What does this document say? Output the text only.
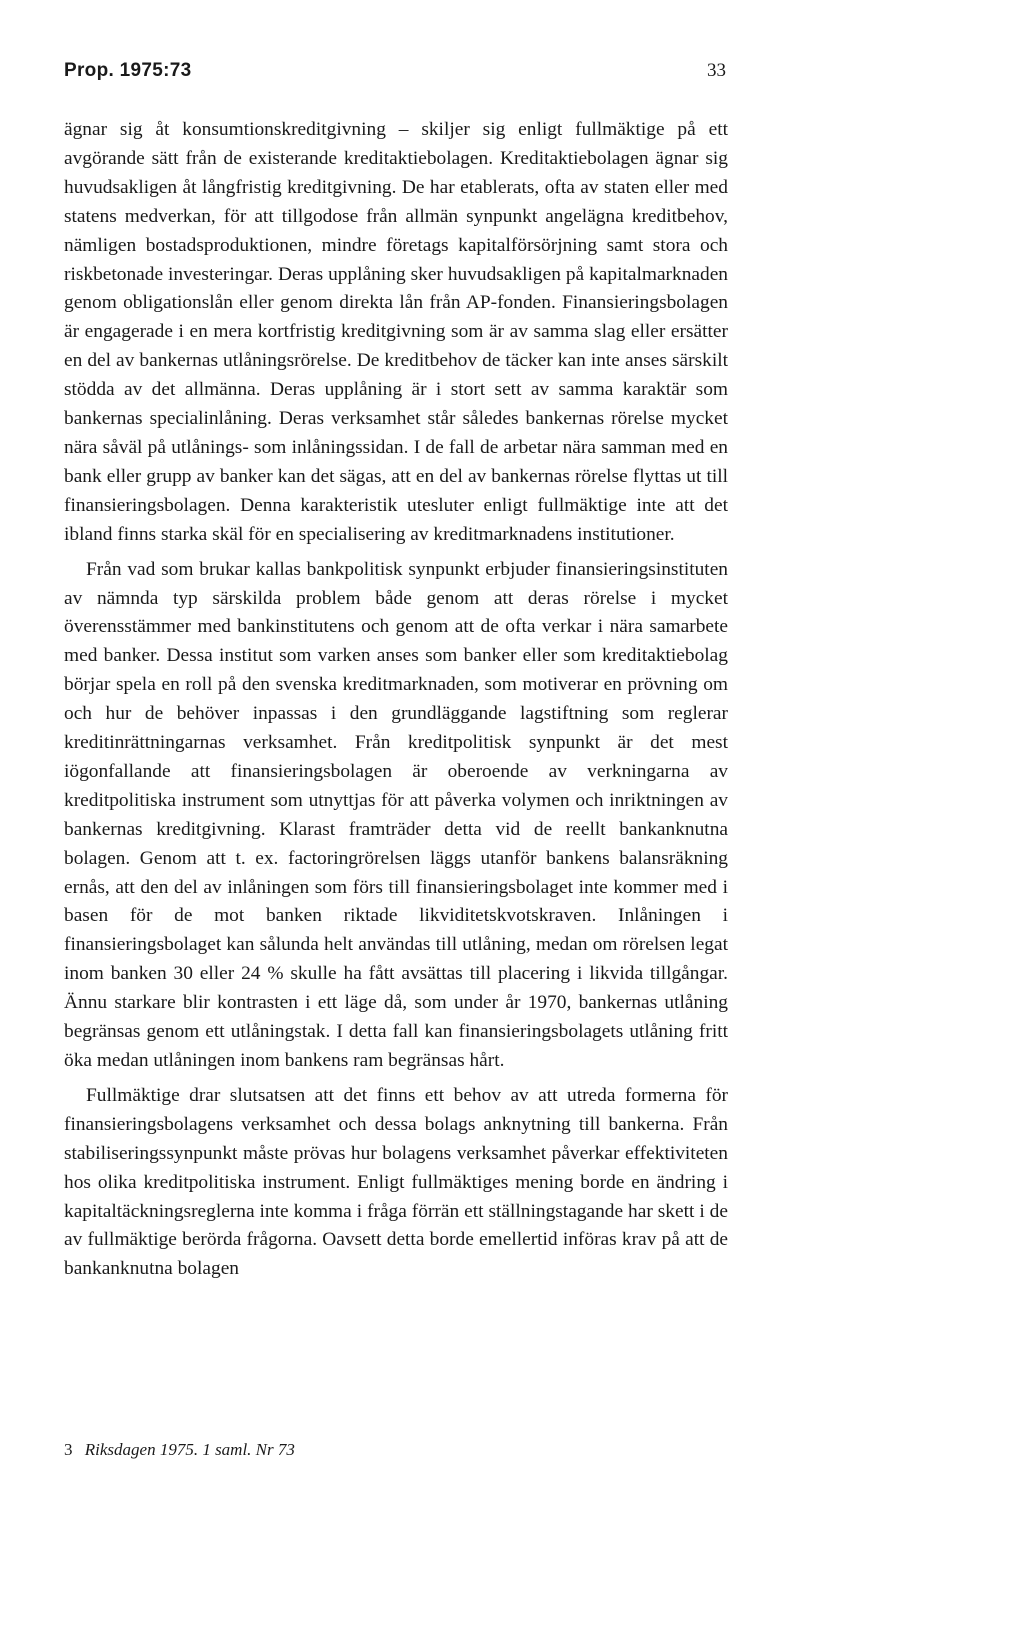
Prop. 1975:73	33

ägnar sig åt konsumtionskreditgivning – skiljer sig enligt fullmäktige på ett avgörande sätt från de existerande kreditaktiebolagen. Kreditaktiebolagen ägnar sig huvudsakligen åt långfristig kreditgivning. De har etablerats, ofta av staten eller med statens medverkan, för att tillgodose från allmän synpunkt angelägna kreditbehov, nämligen bostadsproduktionen, mindre företags kapitalförsörjning samt stora och riskbetonade investeringar. Deras upplåning sker huvudsakligen på kapitalmarknaden genom obligationslån eller genom direkta lån från AP-fonden. Finansieringsbolagen är engagerade i en mera kortfristig kreditgivning som är av samma slag eller ersätter en del av bankernas utlåningsrörelse. De kreditbehov de täcker kan inte anses särskilt stödda av det allmänna. Deras upplåning är i stort sett av samma karaktär som bankernas specialinlåning. Deras verksamhet står således bankernas rörelse mycket nära såväl på utlånings- som inlåningssidan. I de fall de arbetar nära samman med en bank eller grupp av banker kan det sägas, att en del av bankernas rörelse flyttas ut till finansieringsbolagen. Denna karakteristik utesluter enligt fullmäktige inte att det ibland finns starka skäl för en specialisering av kreditmarknadens institutioner.

Från vad som brukar kallas bankpolitisk synpunkt erbjuder finansieringsinstituten av nämnda typ särskilda problem både genom att deras rörelse i mycket överensstämmer med bankinstitutens och genom att de ofta verkar i nära samarbete med banker. Dessa institut som varken anses som banker eller som kreditaktiebolag börjar spela en roll på den svenska kreditmarknaden, som motiverar en prövning om och hur de behöver inpassas i den grundläggande lagstiftning som reglerar kreditinrättningarnas verksamhet. Från kreditpolitisk synpunkt är det mest iögonfallande att finansieringsbolagen är oberoende av verkningarna av kreditpolitiska instrument som utnyttjas för att påverka volymen och inriktningen av bankernas kreditgivning. Klarast framträder detta vid de reellt bankanknutna bolagen. Genom att t. ex. factoringrörelsen läggs utanför bankens balansräkning ernås, att den del av inlåningen som förs till finansieringsbolaget inte kommer med i basen för de mot banken riktade likviditetskvotskraven. Inlåningen i finansieringsbolaget kan sålunda helt användas till utlåning, medan om rörelsen legat inom banken 30 eller 24 % skulle ha fått avsättas till placering i likvida tillgångar. Ännu starkare blir kontrasten i ett läge då, som under år 1970, bankernas utlåning begränsas genom ett utlåningstak. I detta fall kan finansieringsbolagets utlåning fritt öka medan utlåningen inom bankens ram begränsas hårt.

Fullmäktige drar slutsatsen att det finns ett behov av att utreda formerna för finansieringsbolagens verksamhet och dessa bolags anknytning till bankerna. Från stabiliseringssynpunkt måste prövas hur bolagens verksamhet påverkar effektiviteten hos olika kreditpolitiska instrument. Enligt fullmäktiges mening borde en ändring i kapitaltäckningsreglerna inte komma i fråga förrän ett ställningstagande har skett i de av fullmäktige berörda frågorna. Oavsett detta borde emellertid införas krav på att de bankanknutna bolagen

3 Riksdagen 1975. 1 saml. Nr 73
